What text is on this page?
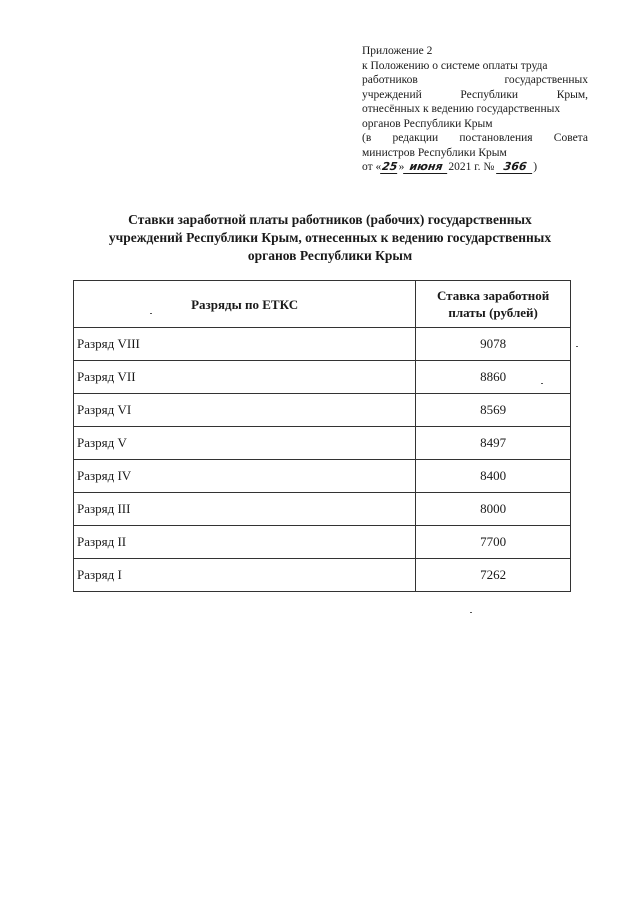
Приложение 2
к Положению о системе оплаты труда
работников	государственных
учреждений	Республики	Крым,
отнесённых к ведению государственных
органов Республики Крым
(в редакции постановления Совета
министров Республики Крым
от «25» июня 2021 г. № 366 )
Ставки заработной платы работников (рабочих) государственных
учреждений Республики Крым, отнесенных к ведению государственных
органов Республики Крым
Разряды по ЕТКС	Ставка заработной
платы (рублей)

Разряд VIII	9078
Разряд VII	8860
Разряд VI	8569
Разряд V	8497
Разряд IV	8400
Разряд III	8000
Разряд II	7700
Разряд I	7262
